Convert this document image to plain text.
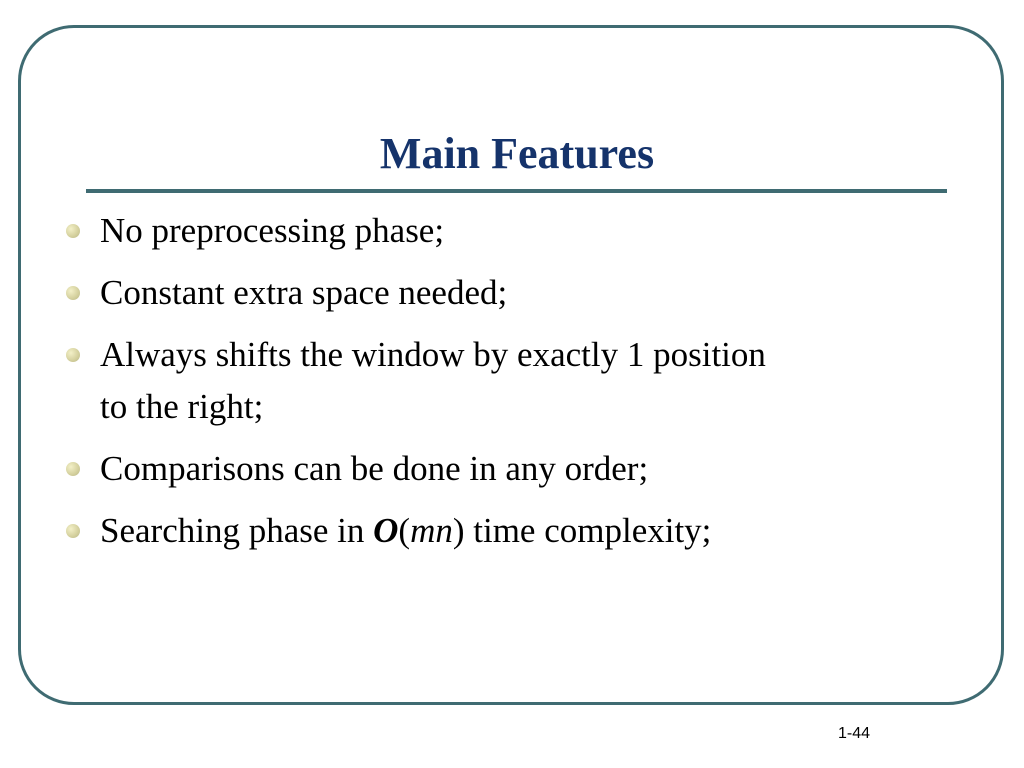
Main Features
No preprocessing phase;
Constant extra space needed;
Always shifts the window by exactly 1 position
to the right;
Comparisons can be done in any order;
Searching phase in O(mn) time complexity;
1-44
